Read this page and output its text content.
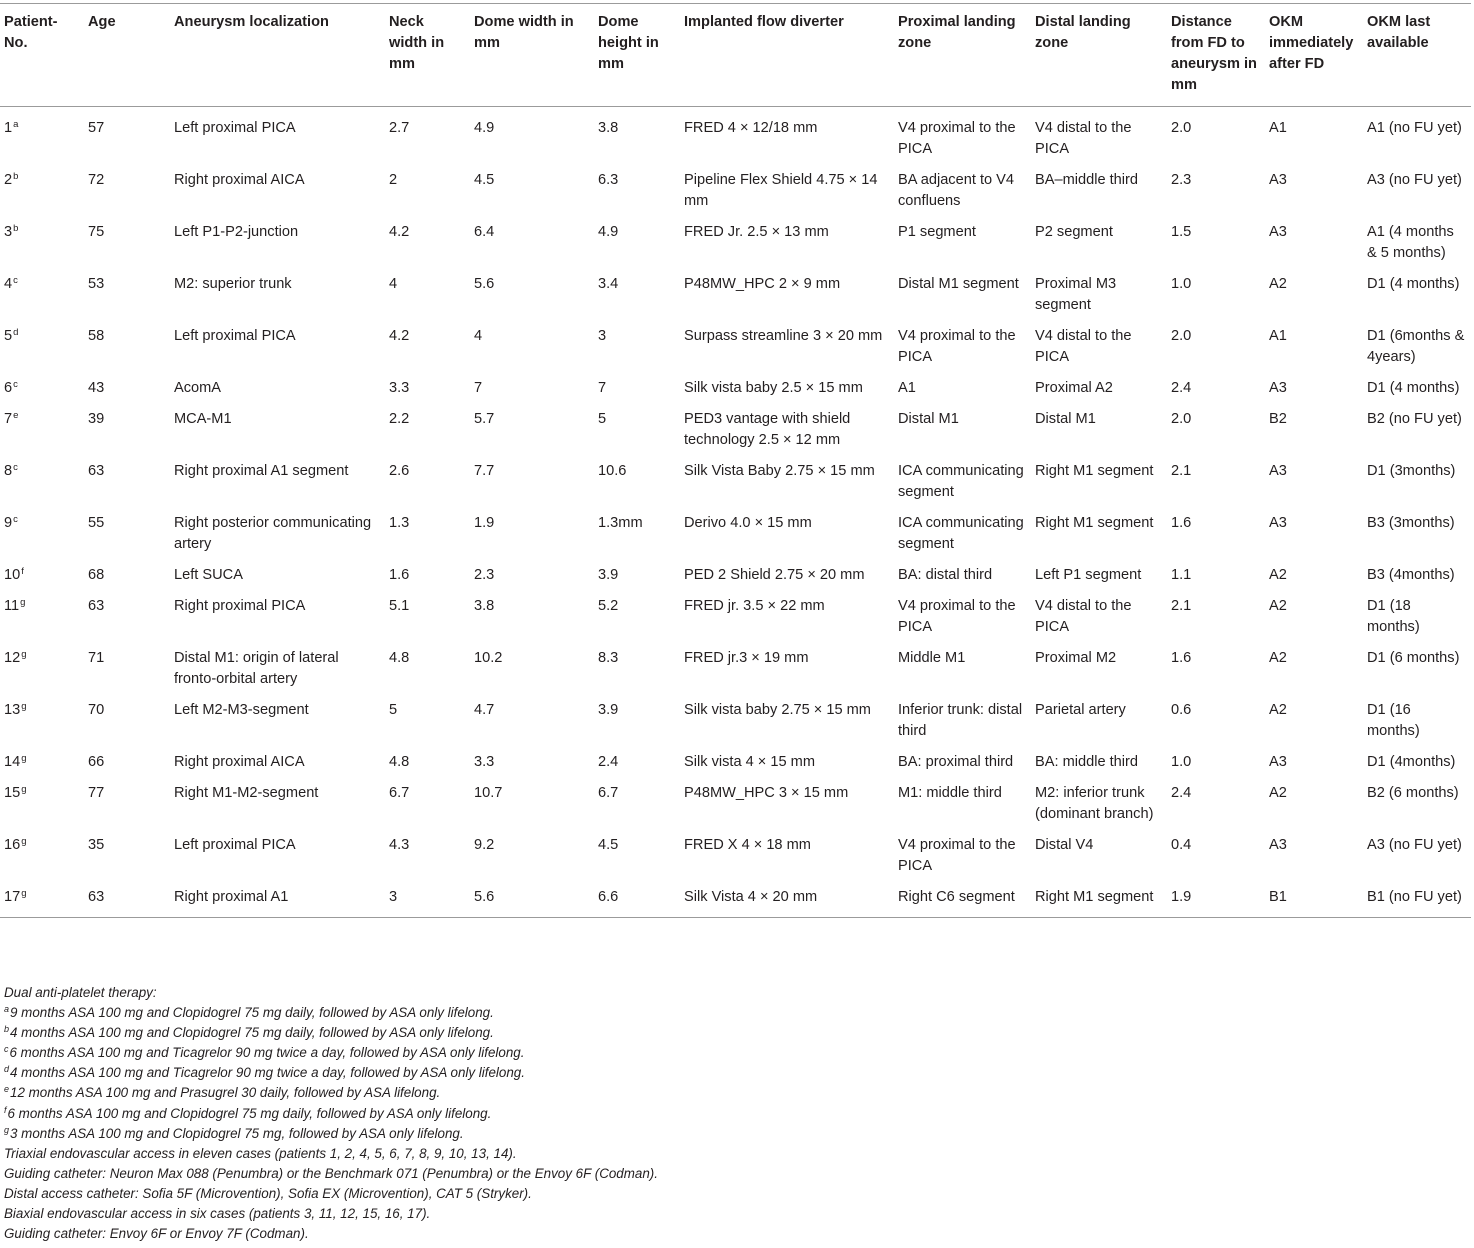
Patient-No.	Age	Aneurysm localization	Neck width in mm	Dome width in mm	Dome height in mm	Implanted flow diverter	Proximal landing zone	Distal landing zone	Distance from FD to aneurysm in mm	OKM immediately after FD	OKM last available
1$^a$	57	Left proximal PICA	2.7	4.9	3.8	FRED 4 × 12/18 mm	V4 proximal to the PICA	V4 distal to the PICA	2.0	A1	A1 (no FU yet)
2$^b$	72	Right proximal AICA	2	4.5	6.3	Pipeline Flex Shield 4.75 × 14 mm	BA adjacent to V4 confluens	BA–middle third	2.3	A3	A3 (no FU yet)
3$^b$	75	Left P1-P2-junction	4.2	6.4	4.9	FRED Jr. 2.5 × 13 mm	P1 segment	P2 segment	1.5	A3	A1 (4 months & 5 months)
4$^c$	53	M2: superior trunk	4	5.6	3.4	P48MW_HPC 2 × 9 mm	Distal M1 segment	Proximal M3 segment	1.0	A2	D1 (4 months)
5$^d$	58	Left proximal PICA	4.2	4	3	Surpass streamline 3 × 20 mm	V4 proximal to the PICA	V4 distal to the PICA	2.0	A1	D1 (6months & 4years)
6$^c$	43	AcomA	3.3	7	7	Silk vista baby 2.5 × 15 mm	A1	Proximal A2	2.4	A3	D1 (4 months)
7e	39	MCA-M1	2.2	5.7	5	PED3 vantage with shield technology 2.5 × 12 mm	Distal M1	Distal M1	2.0	B2	B2 (no FU yet)
8$^c$	63	Right proximal A1 segment	2.6	7.7	10.6	Silk Vista Baby 2.75 × 15 mm	ICA communicating segment	Right M1 segment	2.1	A3	D1 (3months)
9$^c$	55	Right posterior communicating artery	1.3	1.9	1.3mm	Derivo 4.0 × 15 mm	ICA communicating segment	Right M1 segment	1.6	A3	B3 (3months)
10$^f$	68	Left SUCA	1.6	2.3	3.9	PED 2 Shield 2.75 × 20 mm	BA: distal third	Left P1 segment	1.1	A2	B3 (4months)
11$^g$	63	Right proximal PICA	5.1	3.8	5.2	FRED jr. 3.5 × 22 mm	V4 proximal to the PICA	V4 distal to the PICA	2.1	A2	D1 (18 months)
12$^g$	71	Distal M1: origin of lateral fronto-orbital artery	4.8	10.2	8.3	FRED jr.3 × 19 mm	Middle M1	Proximal M2	1.6	A2	D1 (6 months)
13$^g$	70	Left M2-M3-segment	5	4.7	3.9	Silk vista baby 2.75 × 15 mm	Inferior trunk: distal third	Parietal artery	0.6	A2	D1 (16 months)
14$^g$	66	Right proximal AICA	4.8	3.3	2.4	Silk vista 4 × 15 mm	BA: proximal third	BA: middle third	1.0	A3	D1 (4months)
15$^g$	77	Right M1-M2-segment	6.7	10.7	6.7	P48MW_HPC 3 × 15 mm	M1: middle third	M2: inferior trunk (dominant branch)	2.4	A2	B2 (6 months)
16$^g$	35	Left proximal PICA	4.3	9.2	4.5	FRED X 4 × 18 mm	V4 proximal to the PICA	Distal V4	0.4	A3	A3 (no FU yet)
17$^g$	63	Right proximal A1	3	5.6	6.6	Silk Vista 4 × 20 mm	Right C6 segment	Right M1 segment	1.9	B1	B1 (no FU yet)
Dual anti-platelet therapy:
$^a$9 months ASA 100 mg and Clopidogrel 75 mg daily, followed by ASA only lifelong.
$^b$4 months ASA 100 mg and Clopidogrel 75 mg daily, followed by ASA only lifelong.
$^c$6 months ASA 100 mg and Ticagrelor 90 mg twice a day, followed by ASA only lifelong.
$^d$4 months ASA 100 mg and Ticagrelor 90 mg twice a day, followed by ASA only lifelong.
$^e$12 months ASA 100 mg and Prasugrel 30 daily, followed by ASA lifelong.
$^f$6 months ASA 100 mg and Clopidogrel 75 mg daily, followed by ASA only lifelong.
$^g$3 months ASA 100 mg and Clopidogrel 75 mg, followed by ASA only lifelong.
Triaxial endovascular access in eleven cases (patients 1, 2, 4, 5, 6, 7, 8, 9, 10, 13, 14).
Guiding catheter: Neuron Max 088 (Penumbra) or the Benchmark 071 (Penumbra) or the Envoy 6F (Codman).
Distal access catheter: Sofia 5F (Microvention), Sofia EX (Microvention), CAT 5 (Stryker).
Biaxial endovascular access in six cases (patients 3, 11, 12, 15, 16, 17).
Guiding catheter: Envoy 6F or Envoy 7F (Codman).
